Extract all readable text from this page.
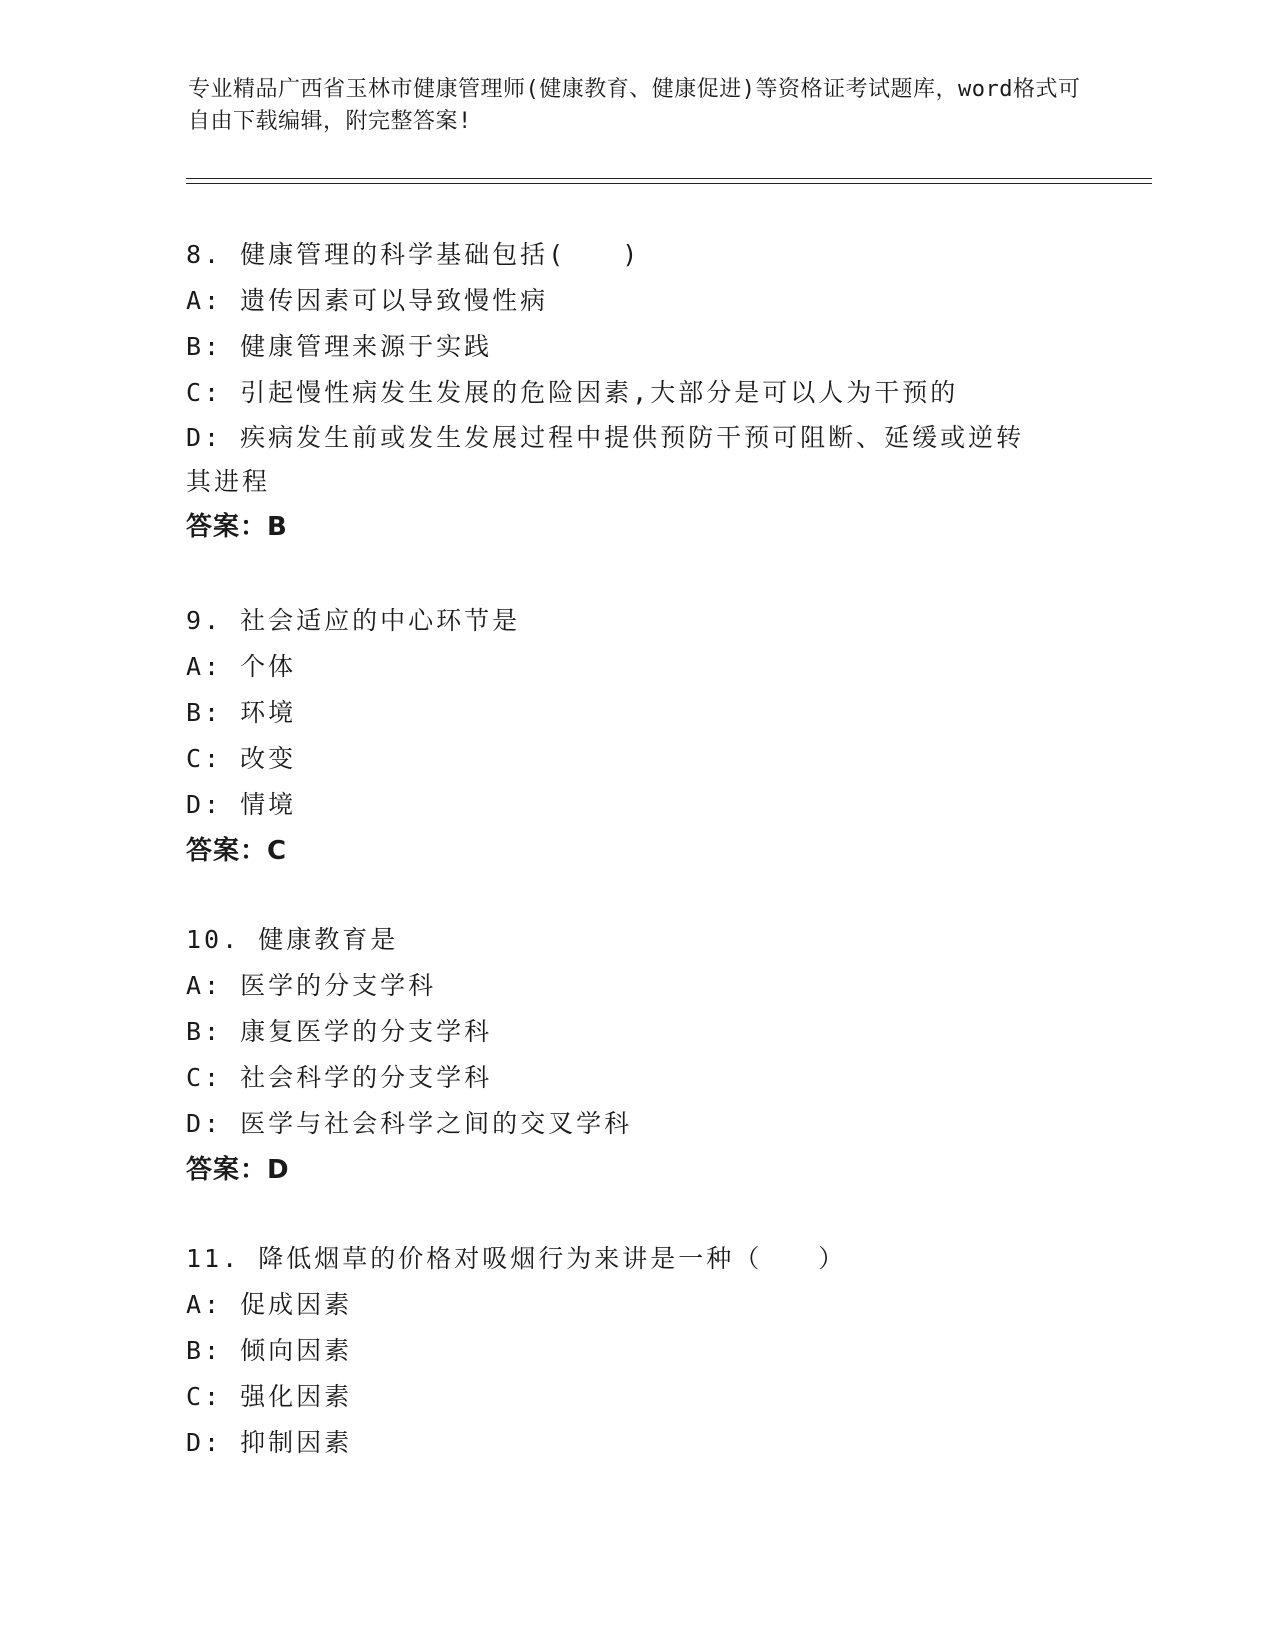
专业精品广西省玉林市健康管理师(健康教育、健康促进)等资格证考试题库，word格式可自由下载编辑，附完整答案!

8. 健康管理的科学基础包括(　　)

A: 遗传因素可以导致慢性病

B: 健康管理来源于实践

C: 引起慢性病发生发展的危险因素,大部分是可以人为干预的

D: 疾病发生前或发生发展过程中提供预防干预可阻断、延缓或逆转其进程

答案：B

9. 社会适应的中心环节是

A: 个体

B: 环境

C: 改变

D: 情境

答案：C

10. 健康教育是

A: 医学的分支学科

B: 康复医学的分支学科

C: 社会科学的分支学科

D: 医学与社会科学之间的交叉学科

答案：D

11. 降低烟草的价格对吸烟行为来讲是一种（　　）

A: 促成因素

B: 倾向因素

C: 强化因素

D: 抑制因素
